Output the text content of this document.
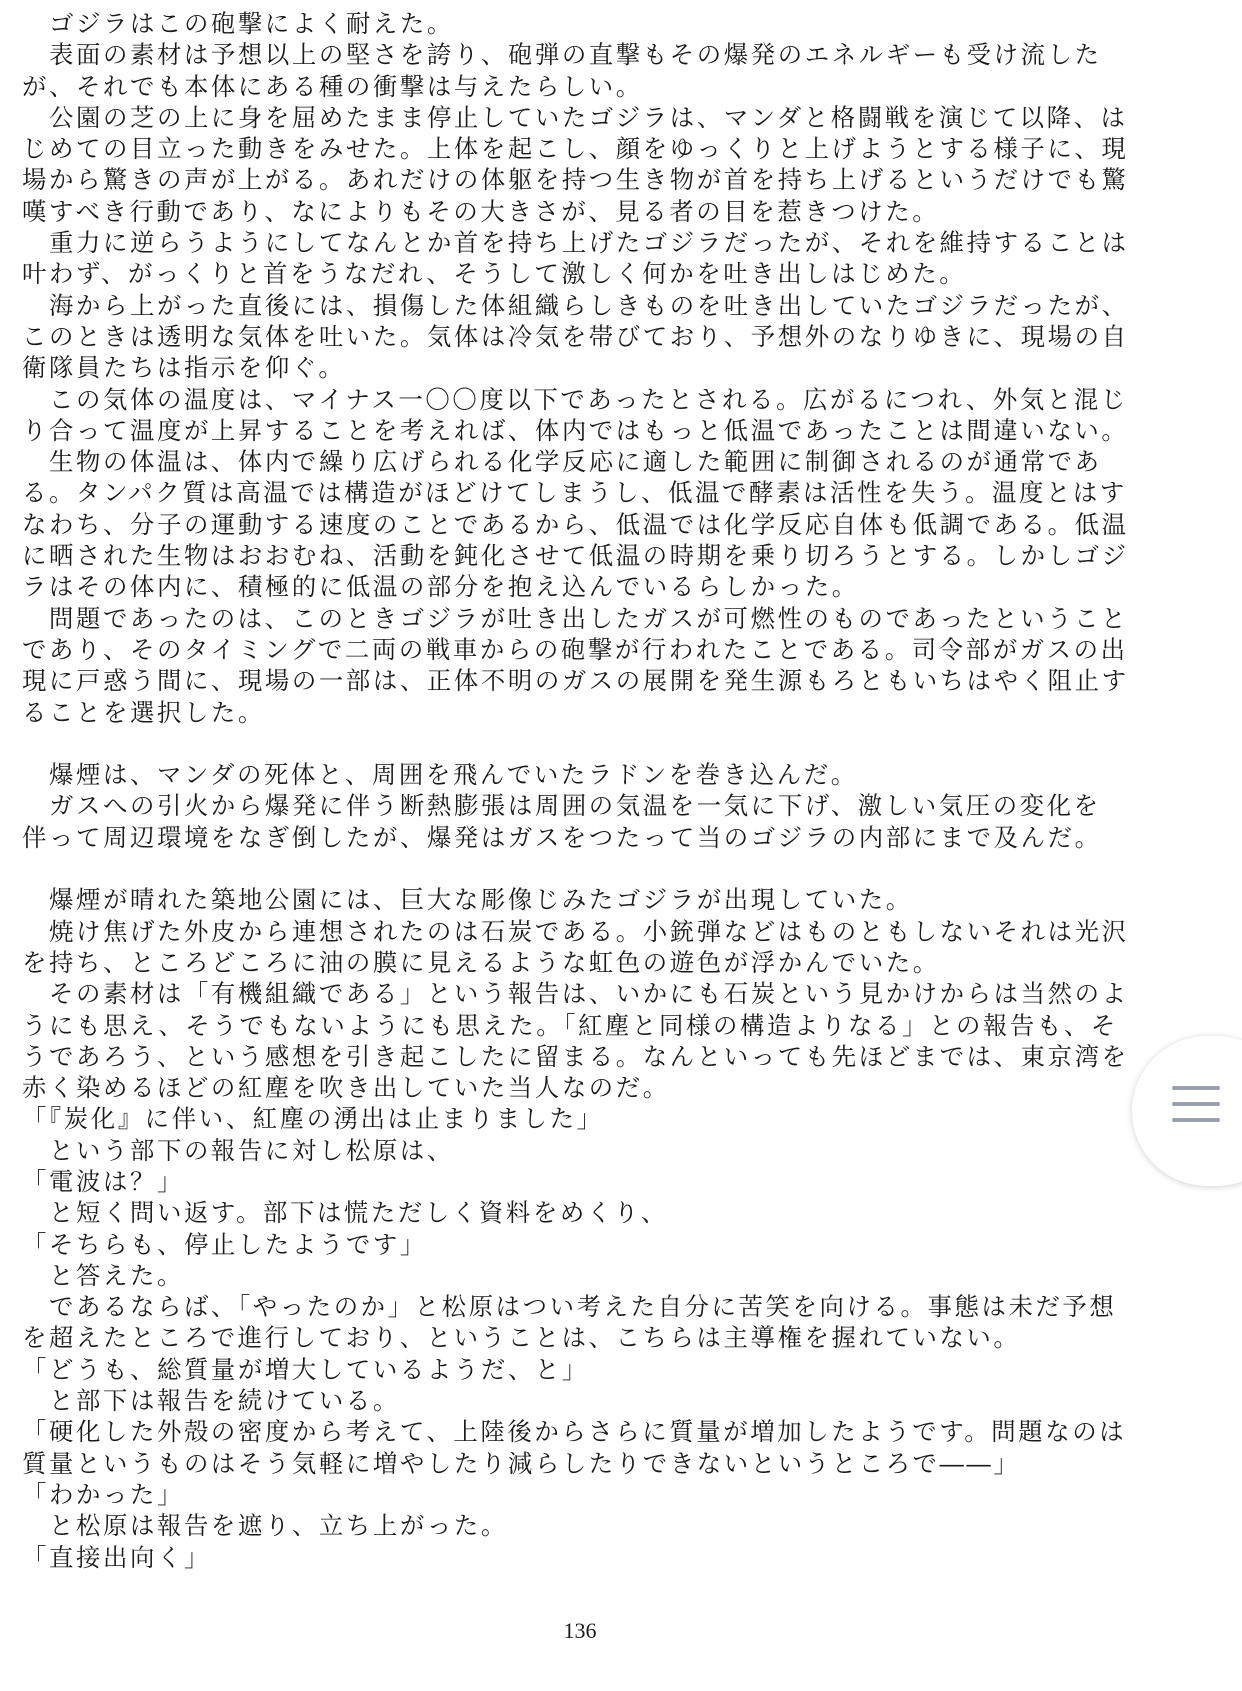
　ゴジラはこの砲撃によく耐えた。
　表面の素材は予想以上の堅さを誇り、砲弾の直撃もその爆発のエネルギーも受け流した
が、それでも本体にある種の衝撃は与えたらしい。
　公園の芝の上に身を屈めたまま停止していたゴジラは、マンダと格闘戦を演じて以降、は
じめての目立った動きをみせた。上体を起こし、顔をゆっくりと上げようとする様子に、現
場から驚きの声が上がる。あれだけの体躯を持つ生き物が首を持ち上げるというだけでも驚
嘆すべき行動であり、なによりもその大きさが、見る者の目を惹きつけた。
　重力に逆らうようにしてなんとか首を持ち上げたゴジラだったが、それを維持することは
叶わず、がっくりと首をうなだれ、そうして激しく何かを吐き出しはじめた。
　海から上がった直後には、損傷した体組織らしきものを吐き出していたゴジラだったが、
このときは透明な気体を吐いた。気体は冷気を帯びており、予想外のなりゆきに、現場の自
衛隊員たちは指示を仰ぐ。
　この気体の温度は、マイナス一〇〇度以下であったとされる。広がるにつれ、外気と混じ
り合って温度が上昇することを考えれば、体内ではもっと低温であったことは間違いない。
　生物の体温は、体内で繰り広げられる化学反応に適した範囲に制御されるのが通常であ
る。タンパク質は高温では構造がほどけてしまうし、低温で酵素は活性を失う。温度とはす
なわち、分子の運動する速度のことであるから、低温では化学反応自体も低調である。低温
に晒された生物はおおむね、活動を鈍化させて低温の時期を乗り切ろうとする。しかしゴジ
ラはその体内に、積極的に低温の部分を抱え込んでいるらしかった。
　問題であったのは、このときゴジラが吐き出したガスが可燃性のものであったということ
であり、そのタイミングで二両の戦車からの砲撃が行われたことである。司令部がガスの出
現に戸惑う間に、現場の一部は、正体不明のガスの展開を発生源もろともいちはやく阻止す
ることを選択した。
　爆煙は、マンダの死体と、周囲を飛んでいたラドンを巻き込んだ。
　ガスへの引火から爆発に伴う断熱膨張は周囲の気温を一気に下げ、激しい気圧の変化を
伴って周辺環境をなぎ倒したが、爆発はガスをつたって当のゴジラの内部にまで及んだ。
　爆煙が晴れた築地公園には、巨大な彫像じみたゴジラが出現していた。
　焼け焦げた外皮から連想されたのは石炭である。小銃弾などはものともしないそれは光沢
を持ち、ところどころに油の膜に見えるような虹色の遊色が浮かんでいた。
　その素材は「有機組織である」という報告は、いかにも石炭という見かけからは当然のよ
うにも思え、そうでもないようにも思えた。「紅塵と同様の構造よりなる」との報告も、そ
うであろう、という感想を引き起こしたに留まる。なんといっても先ほどまでは、東京湾を
赤く染めるほどの紅塵を吹き出していた当人なのだ。
「『炭化』に伴い、紅塵の湧出は止まりました」
　という部下の報告に対し松原は、
「電波は？」
　と短く問い返す。部下は慌ただしく資料をめくり、
「そちらも、停止したようです」
　と答えた。
　であるならば、「やったのか」と松原はつい考えた自分に苦笑を向ける。事態は未だ予想
を超えたところで進行しており、ということは、こちらは主導権を握れていない。
「どうも、総質量が増大しているようだ、と」
　と部下は報告を続けている。
「硬化した外殻の密度から考えて、上陸後からさらに質量が増加したようです。問題なのは
質量というものはそう気軽に増やしたり減らしたりできないというところで――」
「わかった」
　と松原は報告を遮り、立ち上がった。
「直接出向く」
136
